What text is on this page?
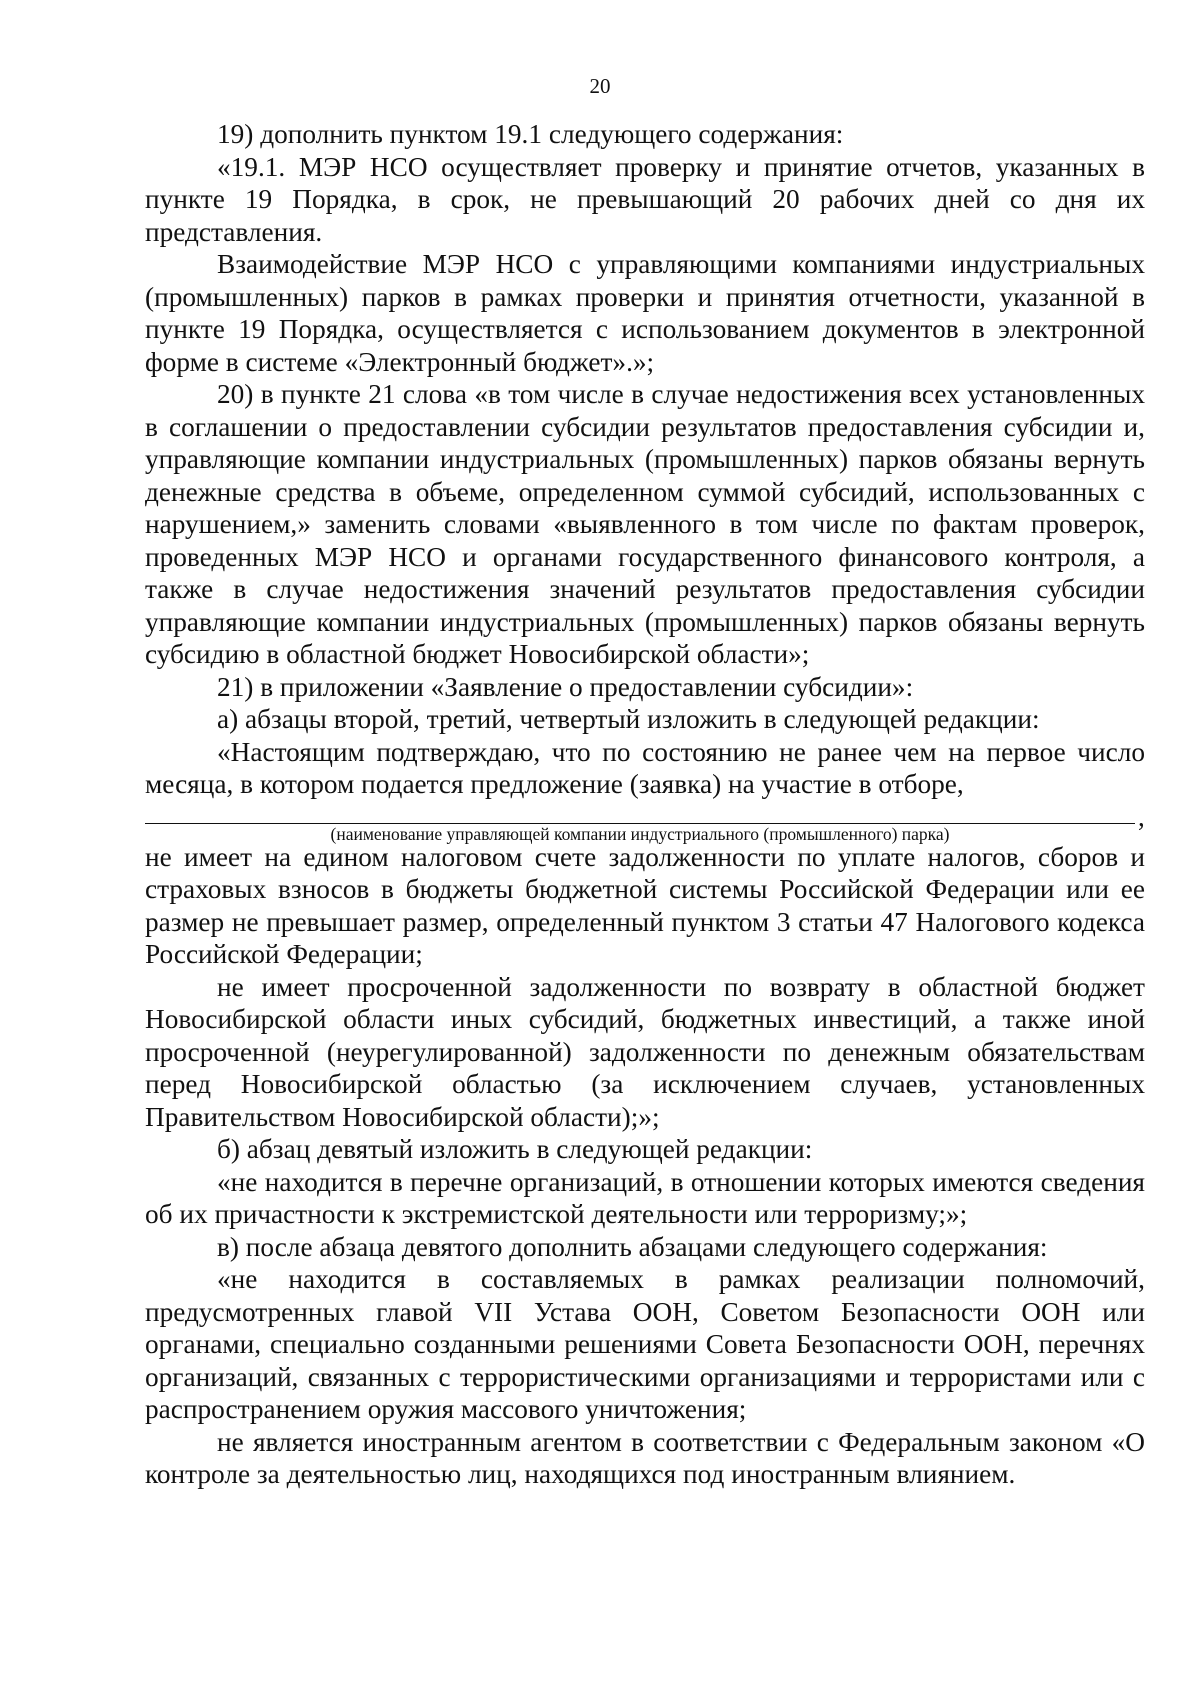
20

19) дополнить пунктом 19.1 следующего содержания:

«19.1. МЭР НСО осуществляет проверку и принятие отчетов, указанных в пункте 19 Порядка, в срок, не превышающий 20 рабочих дней со дня их представления.

Взаимодействие МЭР НСО с управляющими компаниями индустриальных (промышленных) парков в рамках проверки и принятия отчетности, указанной в пункте 19 Порядка, осуществляется с использованием документов в электронной форме в системе «Электронный бюджет».»;

20) в пункте 21 слова «в том числе в случае недостижения всех установленных в соглашении о предоставлении субсидии результатов предоставления субсидии и, управляющие компании индустриальных (промышленных) парков обязаны вернуть денежные средства в объеме, определенном суммой субсидий, использованных с нарушением,» заменить словами «выявленного в том числе по фактам проверок, проведенных МЭР НСО и органами государственного финансового контроля, а также в случае недостижения значений результатов предоставления субсидии управляющие компании индустриальных (промышленных) парков обязаны вернуть субсидию в областной бюджет Новосибирской области»;

21) в приложении «Заявление о предоставлении субсидии»:

а) абзацы второй, третий, четвертый изложить в следующей редакции:

«Настоящим подтверждаю, что по состоянию не ранее чем на первое число месяца, в котором подается предложение (заявка) на участие в отборе,

,
(наименование управляющей компании индустриального (промышленного) парка)

не имеет на едином налоговом счете задолженности по уплате налогов, сборов и страховых взносов в бюджеты бюджетной системы Российской Федерации или ее размер не превышает размер, определенный пунктом 3 статьи 47 Налогового кодекса Российской Федерации;

не имеет просроченной задолженности по возврату в областной бюджет Новосибирской области иных субсидий, бюджетных инвестиций, а также иной просроченной (неурегулированной) задолженности по денежным обязательствам перед Новосибирской областью (за исключением случаев, установленных Правительством Новосибирской области);»;

б) абзац девятый изложить в следующей редакции:

«не находится в перечне организаций, в отношении которых имеются сведения об их причастности к экстремистской деятельности или терроризму;»;

в) после абзаца девятого дополнить абзацами следующего содержания:

«не находится в составляемых в рамках реализации полномочий, предусмотренных главой VII Устава ООН, Советом Безопасности ООН или органами, специально созданными решениями Совета Безопасности ООН, перечнях организаций, связанных с террористическими организациями и террористами или с распространением оружия массового уничтожения;

не является иностранным агентом в соответствии с Федеральным законом «О контроле за деятельностью лиц, находящихся под иностранным влиянием.
